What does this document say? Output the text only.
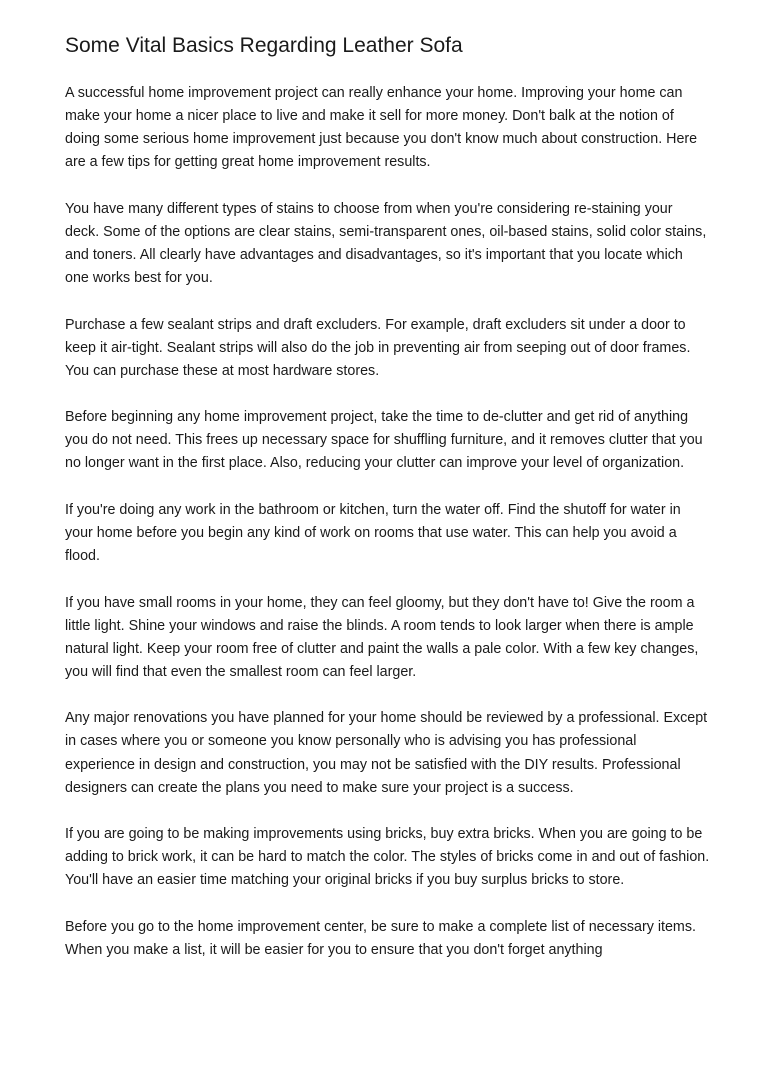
Some Vital Basics Regarding Leather Sofa

A successful home improvement project can really enhance your home. Improving your home can make your home a nicer place to live and make it sell for more money. Don't balk at the notion of doing some serious home improvement just because you don't know much about construction. Here are a few tips for getting great home improvement results.

You have many different types of stains to choose from when you're considering re-staining your deck. Some of the options are clear stains, semi-transparent ones, oil-based stains, solid color stains, and toners. All clearly have advantages and disadvantages, so it's important that you locate which one works best for you.

Purchase a few sealant strips and draft excluders. For example, draft excluders sit under a door to keep it air-tight. Sealant strips will also do the job in preventing air from seeping out of door frames. You can purchase these at most hardware stores.

Before beginning any home improvement project, take the time to de-clutter and get rid of anything you do not need. This frees up necessary space for shuffling furniture, and it removes clutter that you no longer want in the first place. Also, reducing your clutter can improve your level of organization.

If you're doing any work in the bathroom or kitchen, turn the water off. Find the shutoff for water in your home before you begin any kind of work on rooms that use water. This can help you avoid a flood.

If you have small rooms in your home, they can feel gloomy, but they don't have to! Give the room a little light. Shine your windows and raise the blinds. A room tends to look larger when there is ample natural light. Keep your room free of clutter and paint the walls a pale color. With a few key changes, you will find that even the smallest room can feel larger.

Any major renovations you have planned for your home should be reviewed by a professional. Except in cases where you or someone you know personally who is advising you has professional experience in design and construction, you may not be satisfied with the DIY results. Professional designers can create the plans you need to make sure your project is a success.

If you are going to be making improvements using bricks, buy extra bricks. When you are going to be adding to brick work, it can be hard to match the color. The styles of bricks come in and out of fashion. You'll have an easier time matching your original bricks if you buy surplus bricks to store.

Before you go to the home improvement center, be sure to make a complete list of necessary items. When you make a list, it will be easier for you to ensure that you don't forget anything
